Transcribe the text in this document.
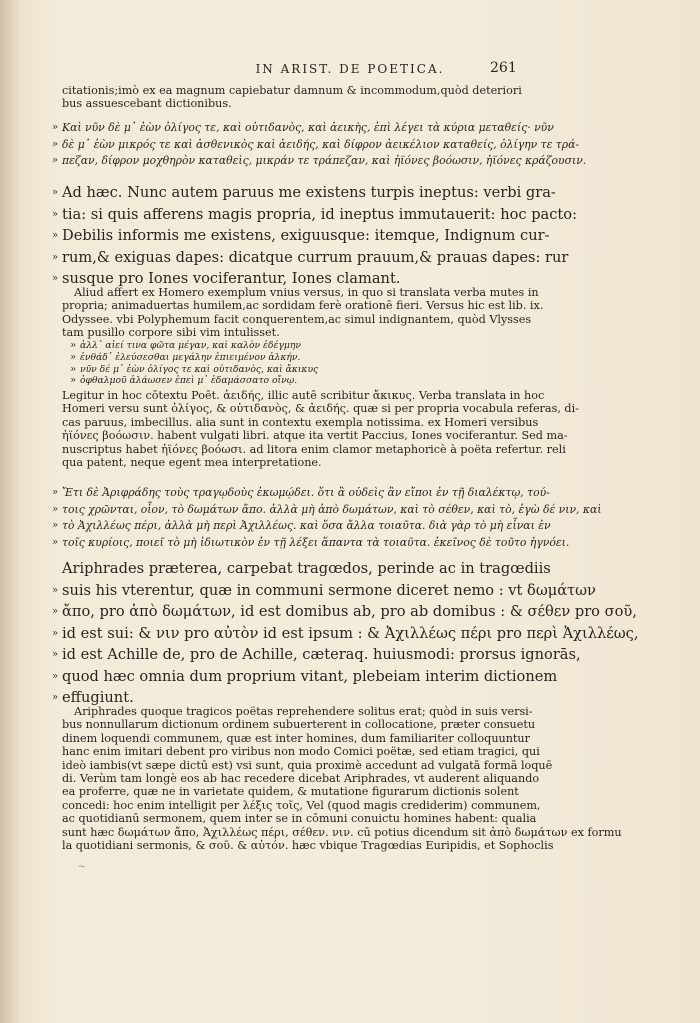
IN ARIST. DE POETICA.	261
citationis;imò ex ea magnum capiebatur damnum & incommodum,quòd deteriori
bus assuescebant dictionibus.
» Καὶ νῦν δὲ μ᾽ ἐὼν ὀλίγος τε, καὶ οὐτιδανὸς, καὶ ἀεικὴς, ἐπὶ λέγει τὰ κύρια μεταθείς· νῦν
» δὲ μ᾽ ἐὼν μικρός τε καὶ ἀσθενικὸς καὶ ἀειδής, καὶ δίφρον ἀεικέλιον καταθείς, ὀλίγην τε τρά-
» πεζαν, δίφρον μοχθηρὸν καταθεὶς, μικράν τε τράπεζαν, καὶ ἠϊόνες βοόωσιν, ἠϊόνες κράζουσιν.
» Ad hæc. Nunc autem paruus me existens turpis ineptus: verbi gra-
» tia: si quis afferens magis propria, id ineptus immutauerit: hoc pacto:
» Debilis informis me existens, exiguusque: itemque, Indignum cur-
» rum,& exiguas dapes: dicatque currum prauum,& prauas dapes: rur
» susque pro Iones vociferantur, Iones clamant.
Aliud affert ex Homero exemplum vnius versus, in quo si translata verba mutes in
propria; animaduertas humilem,ac sordidam ferè orationē fieri. Versus hic est lib. ix.
Odyssee. vbi Polyphemum facit conquerentem,ac simul indignantem, quòd Vlysses
tam pusillo corpore sibi vim intulisset.
» ἀλλ᾽ αἰεί τινα φῶτα μέγαν, καὶ καλὸν ἐδέγμην
» ἐνθάδ᾽ ἐλεύσεσθαι μεγάλην ἐπιειμένον ἀλκήν.
» νῦν δέ μ᾽ ἐὼν ὀλίγος τε καὶ οὐτιδανὸς, καὶ ἄκικυς
» ὀφθαλμοῦ ἀλάωσεν ἐπεὶ μ᾽ ἐδαμάσσατο οἴνῳ.
Legitur in hoc cōtextu Poēt. ἀειδής, illic autē scribitur ἄκικυς. Verba translata in hoc
Homeri versu sunt ὀλίγος, & οὐτιδανὸς, & ἀειδής. quæ si per propria vocabula referas, di-
cas paruus, imbecillus. alia sunt in contextu exempla notissima. ex Homeri versibus
ἠϊόνες βοόωσιν. habent vulgati libri. atque ita vertit Paccius, Iones vociferantur. Sed ma-
nuscriptus habet ἠϊόνες βοόωσι. ad litora enim clamor metaphoricè à poëta refertur. reli
qua patent, neque egent mea interpretatione.
» Ἔτι δὲ Ἀριφράδης τοὺς τραγῳδοὺς ἐκωμῴδει. ὅτι ἃ οὐδεὶς ἂν εἴποι ἐν τῇ διαλέκτῳ, τού-
» τοις χρῶνται, οἷον, τὸ δωμάτων ἄπο. ἀλλὰ μὴ ἀπὸ δωμάτων, καὶ τὸ σέθεν, καὶ τὸ, ἐγὼ δέ νιν, καὶ
» τὸ Ἀχιλλέως πέρι, ἀλλὰ μὴ περὶ Ἀχιλλέως. καὶ ὅσα ἄλλα τοιαῦτα. διὰ γὰρ τὸ μὴ εἶναι ἐν
» τοῖς κυρίοις, ποιεῖ τὸ μὴ ἰδιωτικὸν ἐν τῇ λέξει ἅπαντα τὰ τοιαῦτα. ἐκεῖνος δὲ τοῦτο ἠγνόει.
Ariphrades præterea, carpebat tragœdos, perinde ac in tragœdiis
» suis his vterentur, quæ in communi sermone diceret nemo : vt δωμάτων
» ἄπο, pro ἀπὸ δωμάτων, id est domibus ab, pro ab domibus : & σέθεν pro σοῦ,
» id est sui: & νιν pro αὐτὸν id est ipsum : & Ἀχιλλέως πέρι pro περὶ Ἀχιλλέως,
» id est Achille de, pro de Achille, cæteraq. huiusmodi: prorsus ignorās,
» quod hæc omnia dum proprium vitant, plebeiam interim dictionem
» effugiunt.
Ariphrades quoque tragicos poëtas reprehendere solitus erat; quòd in suis versi-
bus nonnullarum dictionum ordinem subuerterent in collocatione, præter consuetu
dinem loquendi communem, quæ est inter homines, dum familiariter colloquuntur
hanc enim imitari debent pro viribus non modo Comici poëtæ, sed etiam tragici, qui
ideò iambis(vt sæpe dictū est) vsi sunt, quia proximè accedunt ad vulgatā formā loquē
di. Verùm tam longè eos ab hac recedere dicebat Ariphrades, vt auderent aliquando
ea proferre, quæ ne in varietate quidem, & mutatione figurarum dictionis solent
concedi: hoc enim intelligit per λέξις τοῖς, Vel (quod magis crediderim) communem,
ac quotidianū sermonem, quem inter se in cōmuni conuictu homines habent: qualia
sunt hæc δωμάτων ἄπο, Ἀχιλλέως πέρι, σέθεν. νιν. cū potius dicendum sit ἀπὸ δωμάτων ex formu
la quotidiani sermonis, & σοῦ. & αὐτόν. hæc vbique Tragœdias Euripidis, et Sophoclis
~
